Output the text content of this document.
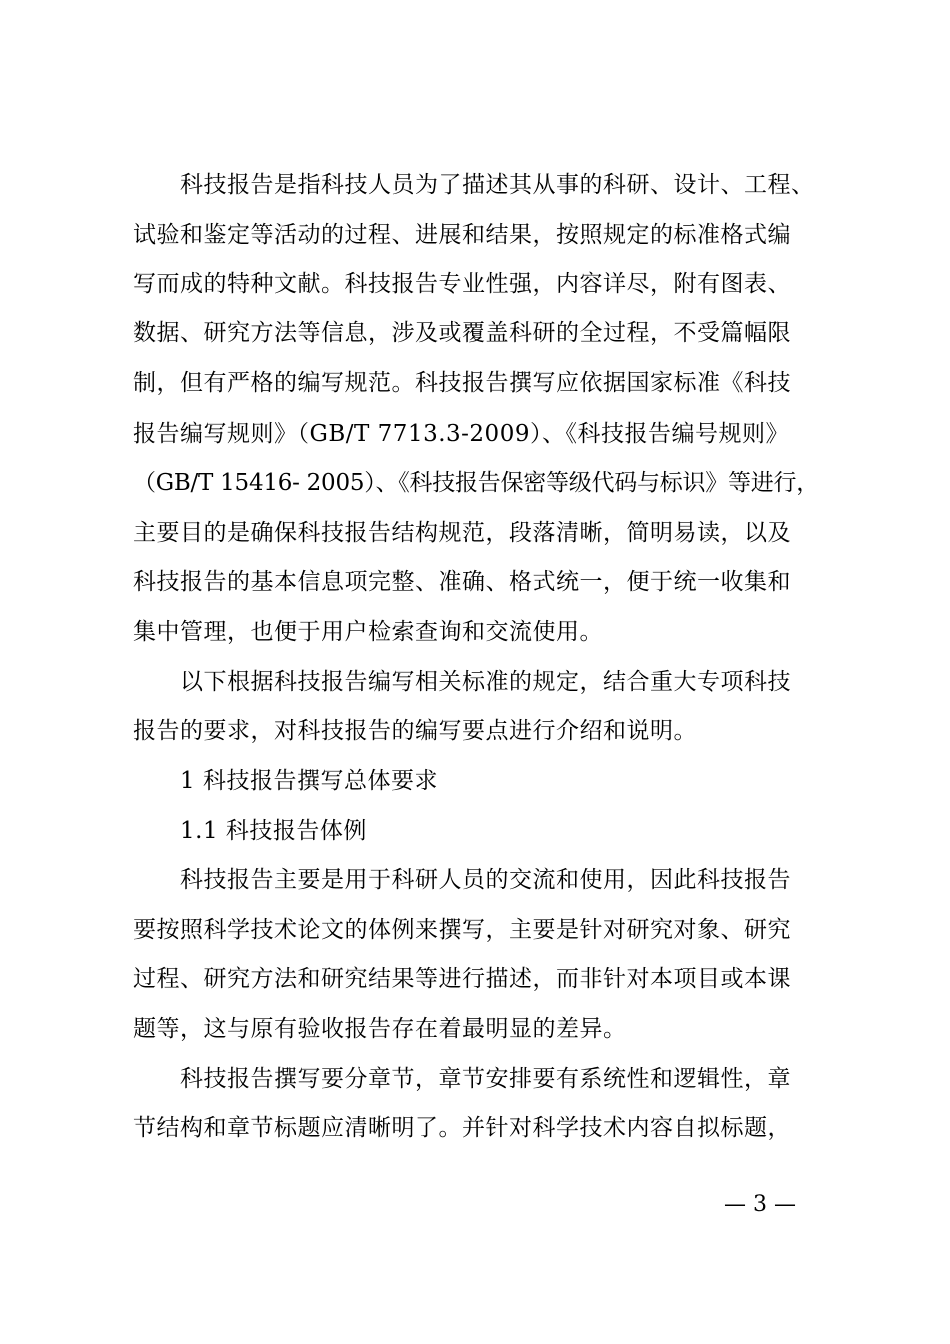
科技报告是指科技人员为了描述其从事的科研、设计、工程、
试验和鉴定等活动的过程、进展和结果，按照规定的标准格式编
写而成的特种文献。科技报告专业性强，内容详尽，附有图表、
数据、研究方法等信息，涉及或覆盖科研的全过程，不受篇幅限
制，但有严格的编写规范。科技报告撰写应依据国家标准《科技
报告编写规则》（GB/T 7713.3-2009）、《科技报告编号规则》
（GB/T 15416- 2005）、《科技报告保密等级代码与标识》等进行，
主要目的是确保科技报告结构规范，段落清晰，简明易读，以及
科技报告的基本信息项完整、准确、格式统一，便于统一收集和
集中管理，也便于用户检索查询和交流使用。
以下根据科技报告编写相关标准的规定，结合重大专项科技
报告的要求，对科技报告的编写要点进行介绍和说明。
1 科技报告撰写总体要求
1.1 科技报告体例
科技报告主要是用于科研人员的交流和使用，因此科技报告
要按照科学技术论文的体例来撰写，主要是针对研究对象、研究
过程、研究方法和研究结果等进行描述，而非针对本项目或本课
题等，这与原有验收报告存在着最明显的差异。
科技报告撰写要分章节，章节安排要有系统性和逻辑性，章
节结构和章节标题应清晰明了。并针对科学技术内容自拟标题，
— 3 —
